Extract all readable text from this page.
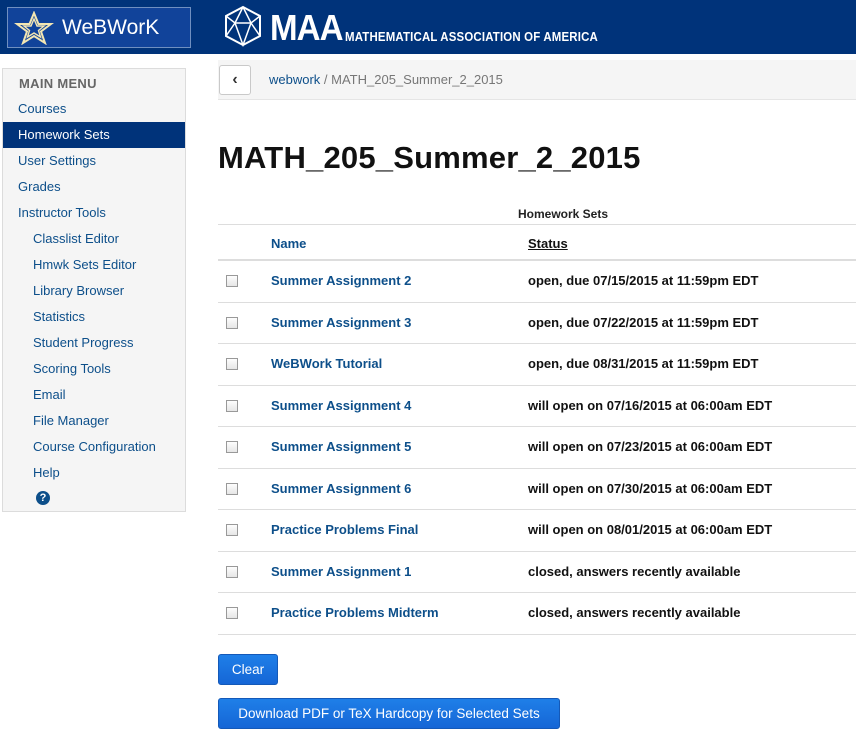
WeBWorK	MAA MATHEMATICAL ASSOCIATION OF AMERICA
MAIN MENU
Courses
Homework Sets
User Settings
Grades
Instructor Tools
Classlist Editor
Hmwk Sets Editor
Library Browser
Statistics
Student Progress
Scoring Tools
Email
File Manager
Course Configuration
Help
?
‹	webwork / MATH_205_Summer_2_2015
MATH_205_Summer_2_2015
Homework Sets
Name	Status
Summer Assignment 2	open, due 07/15/2015 at 11:59pm EDT
Summer Assignment 3	open, due 07/22/2015 at 11:59pm EDT
WeBWork Tutorial	open, due 08/31/2015 at 11:59pm EDT
Summer Assignment 4	will open on 07/16/2015 at 06:00am EDT
Summer Assignment 5	will open on 07/23/2015 at 06:00am EDT
Summer Assignment 6	will open on 07/30/2015 at 06:00am EDT
Practice Problems Final	will open on 08/01/2015 at 06:00am EDT
Summer Assignment 1	closed, answers recently available
Practice Problems Midterm	closed, answers recently available
Clear
Download PDF or TeX Hardcopy for Selected Sets
